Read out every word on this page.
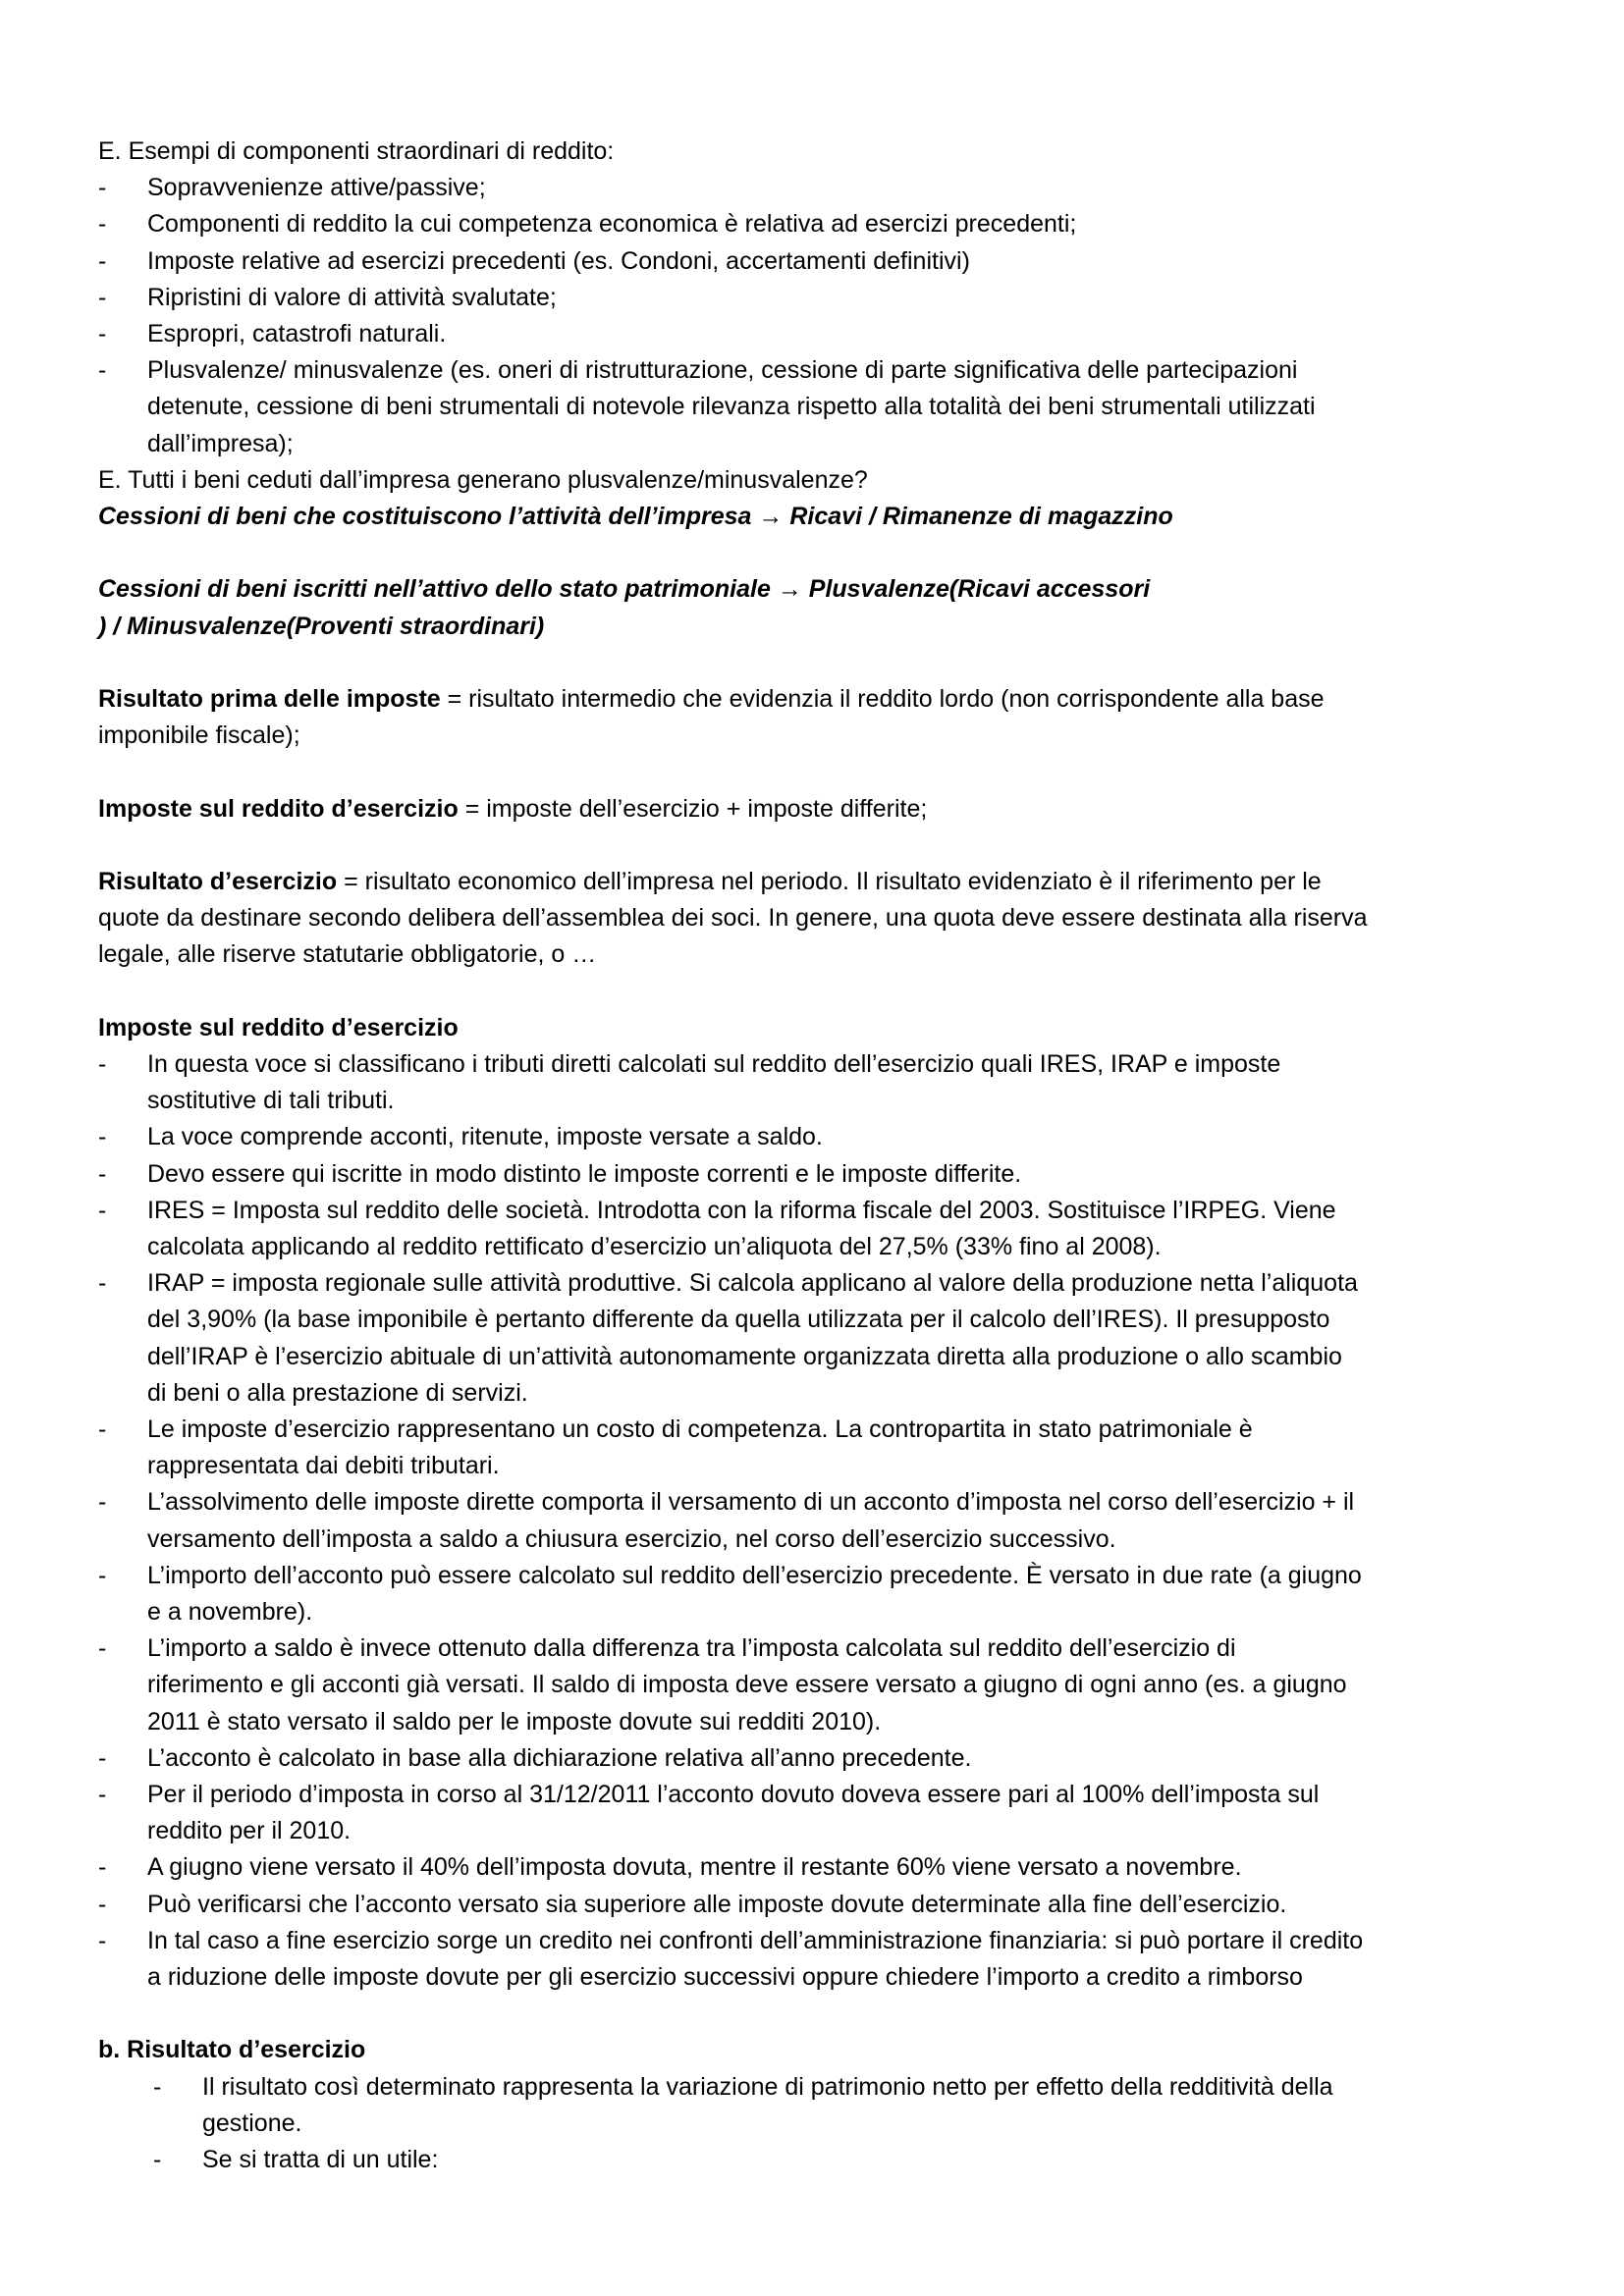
E. Esempi di componenti straordinari di reddito:
- Sopravvenienze attive/passive;
- Componenti di reddito la cui competenza economica è relativa ad esercizi precedenti;
- Imposte relative ad esercizi precedenti (es. Condoni, accertamenti definitivi)
- Ripristini di valore di attività svalutate;
- Espropri, catastrofi naturali.
- Plusvalenze/ minusvalenze (es. oneri di ristrutturazione, cessione di parte significativa delle partecipazioni
detenute, cessione di beni strumentali di notevole rilevanza rispetto alla totalità dei beni strumentali utilizzati
dall’impresa);
E. Tutti i beni ceduti dall’impresa generano plusvalenze/minusvalenze?
Cessioni di beni che costituiscono l’attività dell’impresa → Ricavi / Rimanenze di magazzino
Cessioni di beni iscritti nell’attivo dello stato patrimoniale → Plusvalenze(Ricavi accessori
) / Minusvalenze(Proventi straordinari)
Risultato prima delle imposte = risultato intermedio che evidenzia il reddito lordo (non corrispondente alla base
imponibile fiscale);
Imposte sul reddito d’esercizio = imposte dell’esercizio + imposte differite;
Risultato d’esercizio = risultato economico dell’impresa nel periodo. Il risultato evidenziato è il riferimento per le
quote da destinare secondo delibera dell’assemblea dei soci. In genere, una quota deve essere destinata alla riserva
legale, alle riserve statutarie obbligatorie, o …
Imposte sul reddito d’esercizio
- In questa voce si classificano i tributi diretti calcolati sul reddito dell’esercizio quali IRES, IRAP e imposte
sostitutive di tali tributi.
- La voce comprende acconti, ritenute, imposte versate a saldo.
- Devo essere qui iscritte in modo distinto le imposte correnti e le imposte differite.
- IRES = Imposta sul reddito delle società. Introdotta con la riforma fiscale del 2003. Sostituisce l’IRPEG. Viene
calcolata applicando al reddito rettificato d’esercizio un’aliquota del 27,5% (33% fino al 2008).
- IRAP = imposta regionale sulle attività produttive. Si calcola applicano al valore della produzione netta l’aliquota
del 3,90% (la base imponibile è pertanto differente da quella utilizzata per il calcolo dell’IRES). Il presupposto
dell’IRAP è l’esercizio abituale di un’attività autonomamente organizzata diretta alla produzione o allo scambio
di beni o alla prestazione di servizi.
- Le imposte d’esercizio rappresentano un costo di competenza. La contropartita in stato patrimoniale è
rappresentata dai debiti tributari.
- L’assolvimento delle imposte dirette comporta il versamento di un acconto d’imposta nel corso dell’esercizio + il
versamento dell’imposta a saldo a chiusura esercizio, nel corso dell’esercizio successivo.
- L’importo dell’acconto può essere calcolato sul reddito dell’esercizio precedente. È versato in due rate (a giugno
e a novembre).
- L’importo a saldo è invece ottenuto dalla differenza tra l’imposta calcolata sul reddito dell’esercizio di
riferimento e gli acconti già versati. Il saldo di imposta deve essere versato a giugno di ogni anno (es. a giugno
2011 è stato versato il saldo per le imposte dovute sui redditi 2010).
- L’acconto è calcolato in base alla dichiarazione relativa all’anno precedente.
- Per il periodo d’imposta in corso al 31/12/2011 l’acconto dovuto doveva essere pari al 100% dell’imposta sul
reddito per il 2010.
- A giugno viene versato il 40% dell’imposta dovuta, mentre il restante 60% viene versato a novembre.
- Può verificarsi che l’acconto versato sia superiore alle imposte dovute determinate alla fine dell’esercizio.
- In tal caso a fine esercizio sorge un credito nei confronti dell’amministrazione finanziaria: si può portare il credito
a riduzione delle imposte dovute per gli esercizio successivi oppure chiedere l’importo a credito a rimborso
b. Risultato d’esercizio
- Il risultato così determinato rappresenta la variazione di patrimonio netto per effetto della redditività della
gestione.
- Se si tratta di un utile:
